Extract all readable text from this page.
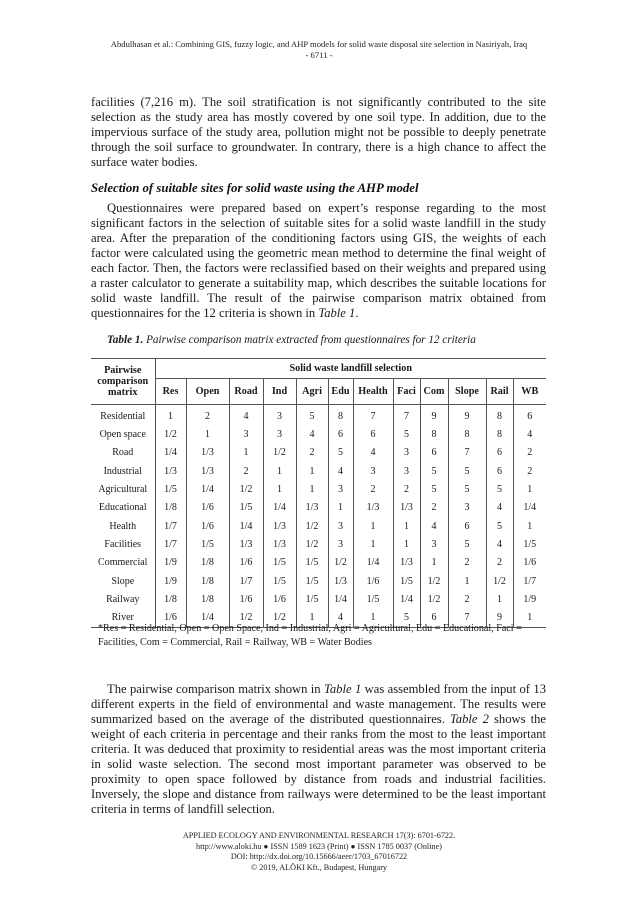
Abdulhasan et al.: Combining GIS, fuzzy logic, and AHP models for solid waste disposal site selection in Nasiriyah, Iraq
- 6711 -

facilities (7,216 m). The soil stratification is not significantly contributed to the site selection as the study area has mostly covered by one soil type. In addition, due to the impervious surface of the study area, pollution might not be possible to deeply penetrate through the soil surface to groundwater. In contrary, there is a high chance to affect the surface water bodies.

Selection of suitable sites for solid waste using the AHP model

Questionnaires were prepared based on expert’s response regarding to the most significant factors in the selection of suitable sites for a solid waste landfill in the study area. After the preparation of the conditioning factors using GIS, the weights of each factor were calculated using the geometric mean method to determine the final weight of each factor. Then, the factors were reclassified based on their weights and prepared using a raster calculator to generate a suitability map, which describes the suitable locations for solid waste landfill. The result of the pairwise comparison matrix obtained from questionnaires for the 12 criteria is shown in Table 1.

Table 1. Pairwise comparison matrix extracted from questionnaires for 12 criteria
Pairwise comparison matrix	Solid waste landfill selection											
	Res	Open	Road	Ind	Agri	Edu	Health	Faci	Com	Slope	Rail	WB
Residential	1	2	4	3	5	8	7	7	9	9	8	6
Open space	1/2	1	3	3	4	6	6	5	8	8	8	4
Road	1/4	1/3	1	1/2	2	5	4	3	6	7	6	2
Industrial	1/3	1/3	2	1	1	4	3	3	5	5	6	2
Agricultural	1/5	1/4	1/2	1	1	3	2	2	5	5	5	1
Educational	1/8	1/6	1/5	1/4	1/3	1	1/3	1/3	2	3	4	1/4
Health	1/7	1/6	1/4	1/3	1/2	3	1	1	4	6	5	1
Facilities	1/7	1/5	1/3	1/3	1/2	3	1	1	3	5	4	1/5
Commercial	1/9	1/8	1/6	1/5	1/5	1/2	1/4	1/3	1	2	2	1/6
Slope	1/9	1/8	1/7	1/5	1/5	1/3	1/6	1/5	1/2	1	1/2	1/7
Railway	1/8	1/8	1/6	1/6	1/5	1/4	1/5	1/4	1/2	2	1	1/9
River	1/6	1/4	1/2	1/2	1	4	1	5	6	7	9	1
*Res = Residential, Open = Open Space, Ind = Industrial, Agri = Agricultural, Edu = Educational, Faci = Facilities, Com = Commercial, Rail = Railway, WB = Water Bodies

The pairwise comparison matrix shown in Table 1 was assembled from the input of 13 different experts in the field of environmental and waste management. The results were summarized based on the average of the distributed questionnaires. Table 2 shows the weight of each criteria in percentage and their ranks from the most to the least important criteria. It was deduced that proximity to residential areas was the most important criteria in solid waste selection. The second most important parameter was observed to be proximity to open space followed by distance from roads and industrial facilities. Inversely, the slope and distance from railways were determined to be the least important criteria in terms of landfill selection.

APPLIED ECOLOGY AND ENVIRONMENTAL RESEARCH 17(3): 6701-6722.
http://www.aloki.hu ● ISSN 1589 1623 (Print) ● ISSN 1785 0037 (Online)
DOI: http://dx.doi.org/10.15666/aeer/1703_67016722
© 2019, ALÖKI Kft., Budapest, Hungary
